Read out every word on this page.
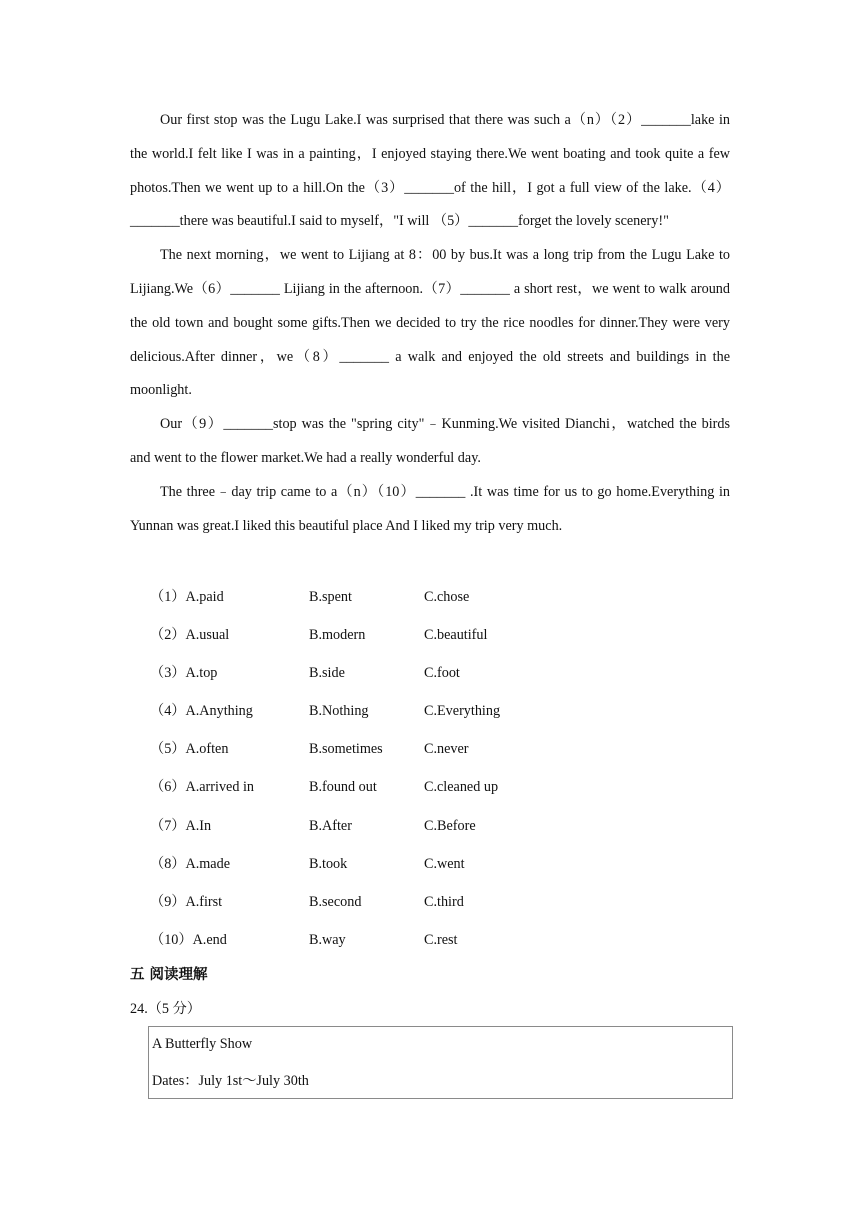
Our first stop was the Lugu Lake.I was surprised that there was such a（n）（2）_______lake in the world.I felt like I was in a painting，I enjoyed staying there.We went boating and took quite a few photos.Then we went up to a hill.On the（3）_______of the hill，I got a full view of the lake.（4）_______there was beautiful.I said to myself，"I will （5）_______forget the lovely scenery!"

The next morning，we went to Lijiang at 8：00 by bus.It was a long trip from the Lugu Lake to Lijiang.We（6）_______ Lijiang in the afternoon.（7）_______ a short rest，we went to walk around the old town and bought some gifts.Then we decided to try the rice noodles for dinner.They were very delicious.After dinner，we（8）_______ a walk and enjoyed the old streets and buildings in the moonlight.

Our（9）_______stop was the "spring city"﹣Kunming.We visited Dianchi，watched the birds and went to the flower market.We had a really wonderful day.

The three﹣day trip came to a（n）（10）_______ .It was time for us to go home.Everything in Yunnan was great.I liked this beautiful place And I liked my trip very much.

（1）A.paid	B.spent	C.chose
（2）A.usual	B.modern	C.beautiful
（3）A.top	B.side	C.foot
（4）A.Anything	B.Nothing	C.Everything
（5）A.often	B.sometimes	C.never
（6）A.arrived in	B.found out	C.cleaned up
（7）A.In	B.After	C.Before
（8）A.made	B.took	C.went
（9）A.first	B.second	C.third
（10）A.end	B.way	C.rest
五 阅读理解
24.（5 分）
A Butterfly Show
Dates：July 1st～July 30th
